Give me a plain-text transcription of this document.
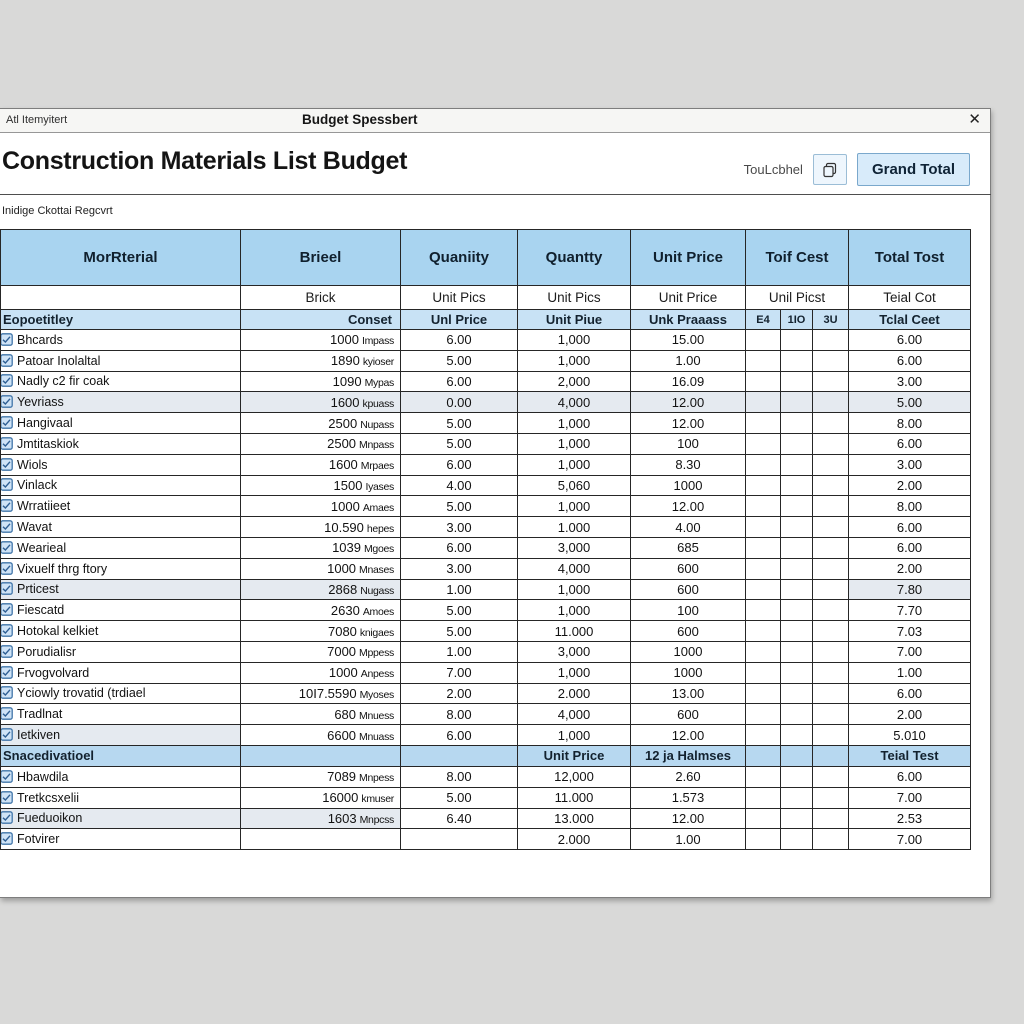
Atl Itemyitert	Budget Spessbert	✕
Construction Materials List Budget	TouLcbhel	Grand Total
Inidige Ckottai Regcvrt
MorRterial	Brieel	Quaniity	Quantty	Unit Price	Toif Cest			Total Tost
	Brick	Unit Pics	Unit Pics	Unit Price	Unil Picst			Teial Cot
Eopoetitley	Conset	Unl Price	Unit Piue	Unk Praaass	E4	1IO	3U	Tclal Ceet
Bhcards	1000 Impass	6.00	1,000	15.00				6.00
Patoar Inolaltal	1890 kyioser	5.00	1,000	1.00				6.00
Nadly c2 fir coak	1090 Mypas	6.00	2,000	16.09				3.00
Yevriass	1600 kpuass	0.00	4,000	12.00				5.00
Hangivaal	2500 Nupass	5.00	1,000	12.00				8.00
Jmtitaskiok	2500 Mnpass	5.00	1,000	100				6.00
Wiols	1600 Mrpaes	6.00	1,000	8.30				3.00
Vinlack	1500 Iyases	4.00	5,060	1000				2.00
Wrratiieet	1000 Amaes	5.00	1,000	12.00				8.00
Wavat	10.590 hepes	3.00	1.000	4.00				6.00
Wearieal	1039 Mgoes	6.00	3,000	685				6.00
Vixuelf thrg ftory	1000 Mnases	3.00	4,000	600				2.00
Prticest	2868 Nugass	1.00	1,000	600				7.80
Fiescatd	2630 Amoes	5.00	1,000	100				7.70
Hotokal kelkiet	7080 knigaes	5.00	11.000	600				7.03
Porudialisr	7000 Mppess	1.00	3,000	1000				7.00
Frvogvolvard	1000 Anpess	7.00	1,000	1000				1.00
Yciowly trovatid (trdiael	10I7.5590 Myoses	2.00	2.000	13.00				6.00
Tradlnat	680 Mnuess	8.00	4,000	600				2.00
Ietkiven	6600 Mnuass	6.00	1,000	12.00				5.010
Snacedivatioel			Unit Price	12 ja Halmses				Teial Test
Hbawdila	7089 Mnpess	8.00	12,000	2.60				6.00
Tretkcsxelii	16000 kmuser	5.00	11.000	1.573				7.00
Fueduoikon	1603 Mnpcss	6.40	13.000	12.00				2.53
Fotvirer			2.000	1.00				7.00
